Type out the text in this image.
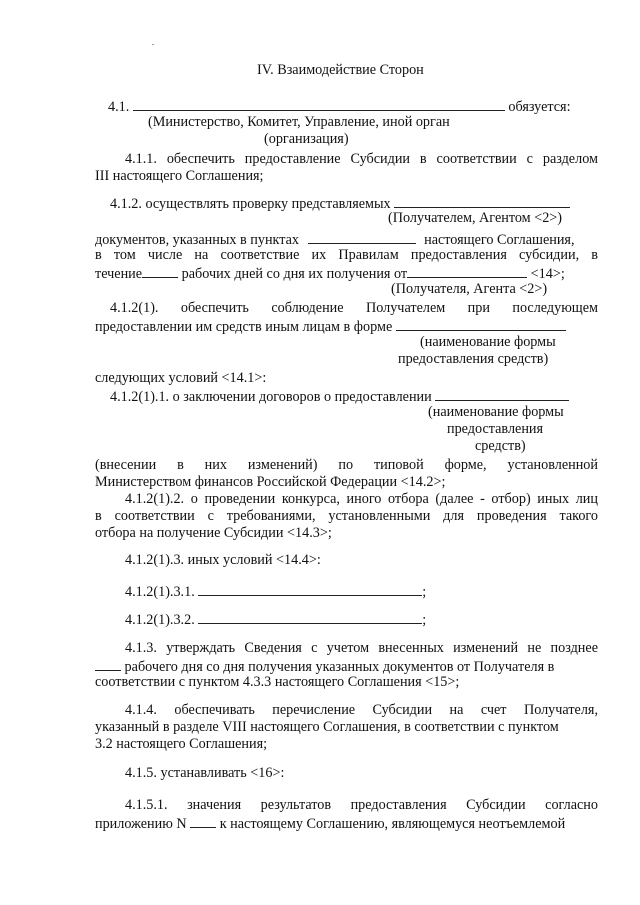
IV. Взаимодействие Сторон
4.1.	обязуется:
(Министерство, Комитет, Управление, иной орган
(организация)
4.1.1. обеспечить предоставление Субсидии в соответствии с разделом
III настоящего Соглашения;
4.1.2. осуществлять проверку представляемых
(Получателем, Агентом <2>)
документов, указанных в пунктах	настоящего Соглашения,
в том числе на соответствие их Правилам предоставления субсидии, в
течение	рабочих дней со дня их получения от	<14>;
(Получателя, Агента <2>)
4.1.2(1). обеспечить соблюдение Получателем при последующем
предоставлении им средств иным лицам в форме
(наименование формы
предоставления средств)
следующих условий <14.1>:
4.1.2(1).1. о заключении договоров о предоставлении
(наименование формы
предоставления
средств)
(внесении в них изменений) по типовой форме, установленной
Министерством финансов Российской Федерации <14.2>;
4.1.2(1).2. о проведении конкурса, иного отбора (далее - отбор) иных лиц
в соответствии с требованиями, установленными для проведения такого
отбора на получение Субсидии <14.3>;
4.1.2(1).3. иных условий <14.4>:
4.1.2(1).3.1.	;
4.1.2(1).3.2.	;
4.1.3. утверждать Сведения с учетом внесенных изменений не позднее
рабочего дня со дня получения указанных документов от Получателя в
соответствии с пунктом 4.3.3 настоящего Соглашения <15>;
4.1.4. обеспечивать перечисление Субсидии на счет Получателя,
указанный в разделе VIII настоящего Соглашения, в соответствии с пунктом
3.2 настоящего Соглашения;
4.1.5. устанавливать <16>:
4.1.5.1. значения результатов предоставления Субсидии согласно
приложению N к настоящему Соглашению, являющемуся неотъемлемой
